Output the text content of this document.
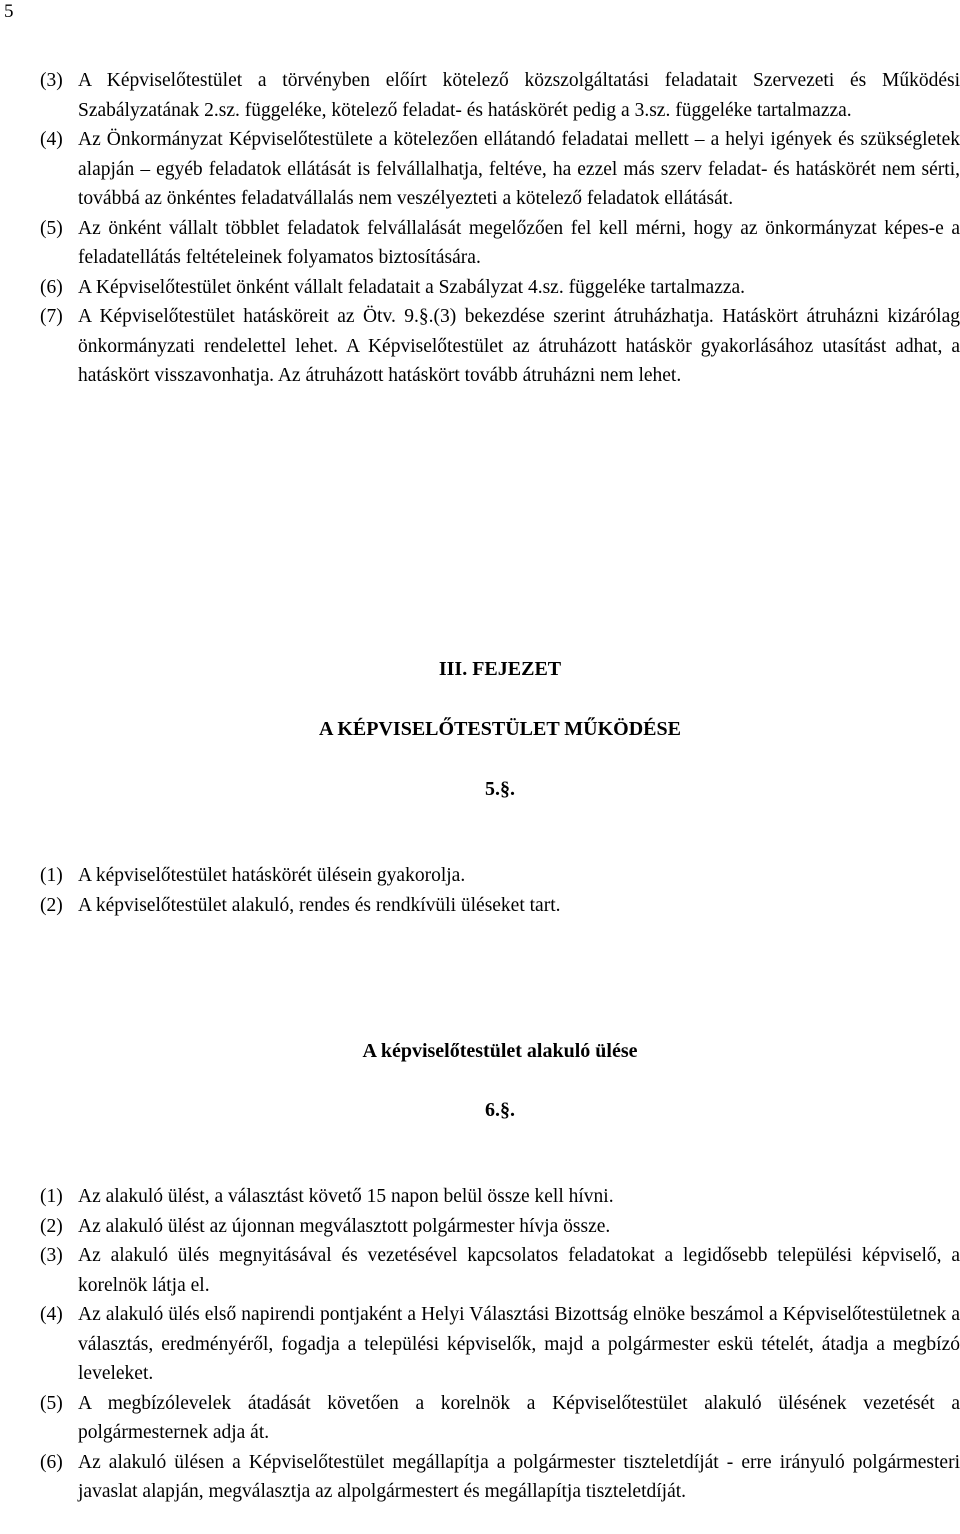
5
(3) A Képviselőtestület a törvényben előírt kötelező közszolgáltatási feladatait Szervezeti és Működési Szabályzatának 2.sz. függeléke, kötelező feladat- és hatáskörét pedig a 3.sz. függeléke tartalmazza.
(4) Az Önkormányzat Képviselőtestülete a kötelezően ellátandó feladatai mellett – a helyi igények és szükségletek alapján – egyéb feladatok ellátását is felvállalhatja, feltéve, ha ezzel más szerv feladat- és hatáskörét nem sérti, továbbá az önkéntes feladatvállalás nem veszélyezteti a kötelező feladatok ellátását.
(5) Az önként vállalt többlet feladatok felvállalását megelőzően fel kell mérni, hogy az önkormányzat képes-e a feladatellátás feltételeinek folyamatos biztosítására.
(6) A Képviselőtestület önként vállalt feladatait a Szabályzat 4.sz. függeléke tartalmazza.
(7) A Képviselőtestület hatásköreit az Ötv. 9.§.(3) bekezdése szerint átruházhatja. Hatáskört átruházni kizárólag önkormányzati rendelettel lehet. A Képviselőtestület az átruházott hatáskör gyakorlásához utasítást adhat, a hatáskört visszavonhatja. Az átruházott hatáskört tovább átruházni nem lehet.
III. FEJEZET
A KÉPVISELŐTESTÜLET MŰKÖDÉSE
5.§.
(1) A képviselőtestület hatáskörét ülésein gyakorolja.
(2) A képviselőtestület alakuló, rendes és rendkívüli üléseket tart.
A képviselőtestület alakuló ülése
6.§.
(1) Az alakuló ülést, a választást követő 15 napon belül össze kell hívni.
(2) Az alakuló ülést az újonnan megválasztott polgármester hívja össze.
(3) Az alakuló ülés megnyitásával és vezetésével kapcsolatos feladatokat a legidősebb települési képviselő, a korelnök látja el.
(4) Az alakuló ülés első napirendi pontjaként a Helyi Választási Bizottság elnöke beszámol a Képviselőtestületnek a választás, eredményéről, fogadja a települési képviselők, majd a polgármester eskü tételét, átadja a megbízó leveleket.
(5) A megbízólevelek átadását követően a korelnök a Képviselőtestület alakuló ülésének vezetését a polgármesternek adja át.
(6) Az alakuló ülésen a Képviselőtestület megállapítja a polgármester tiszteletdíját - erre irányuló polgármesteri javaslat alapján, megválasztja az alpolgármestert és megállapítja tiszteletdíját.
